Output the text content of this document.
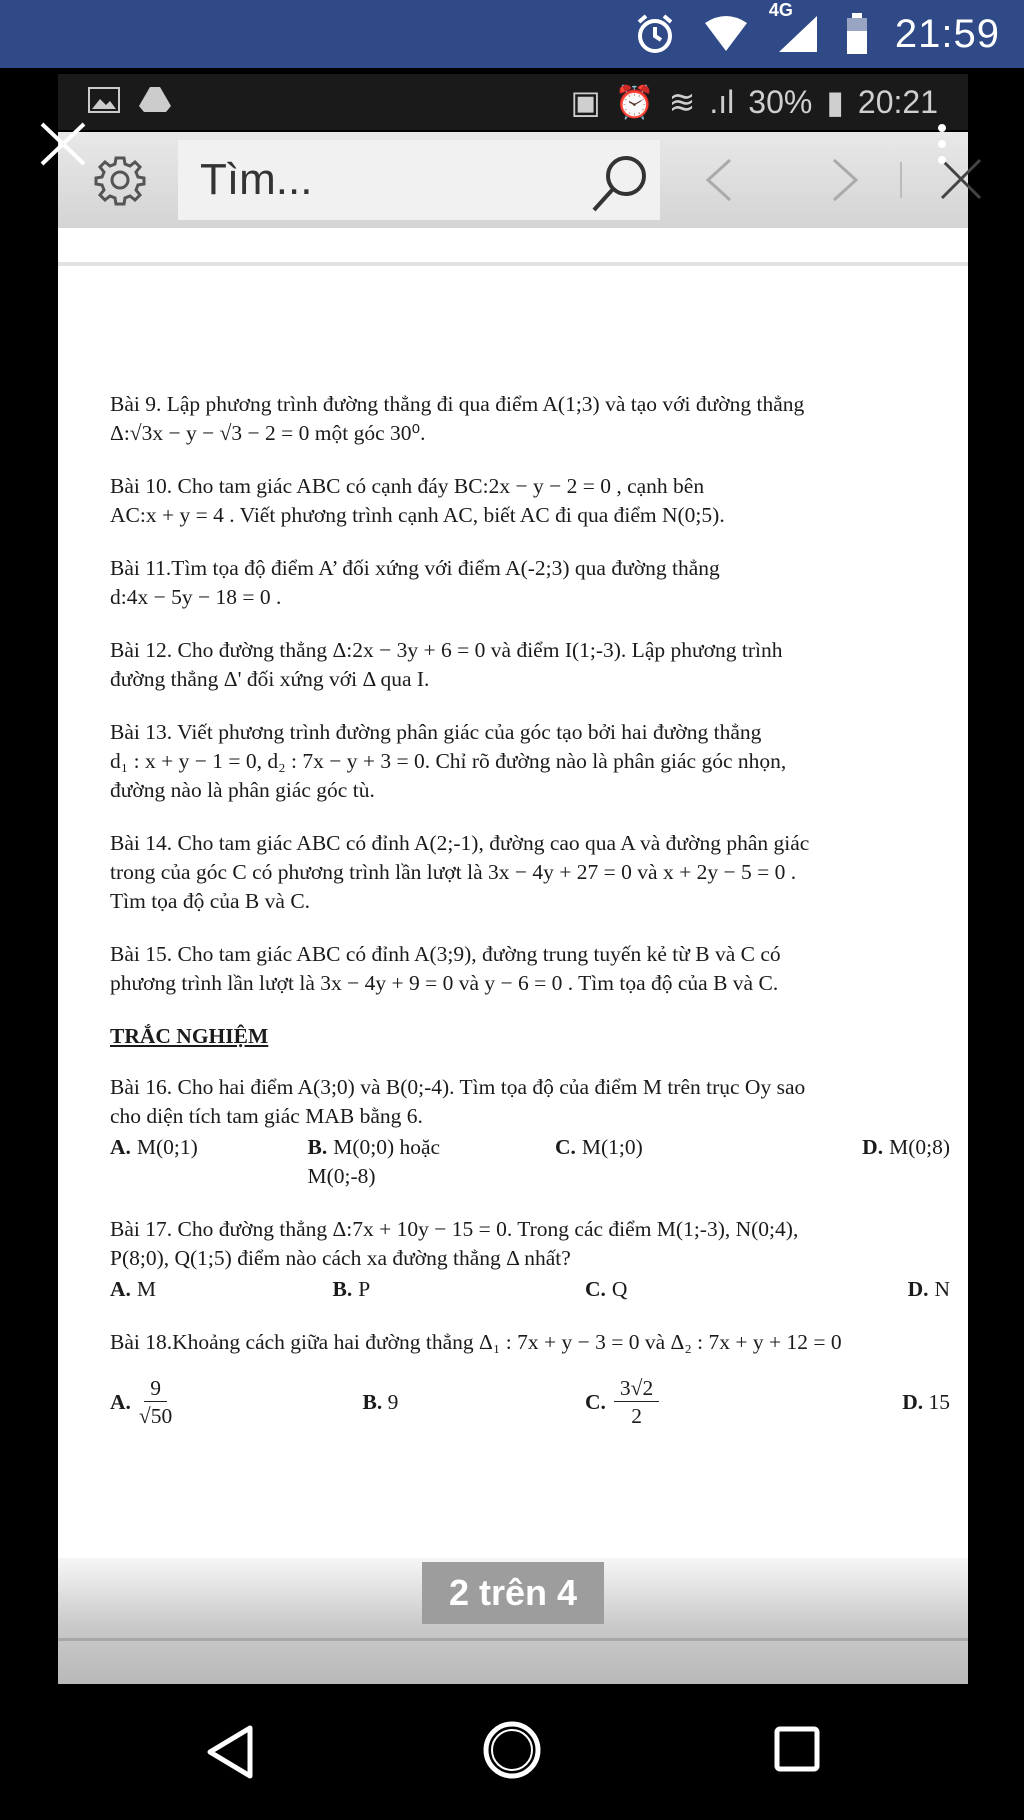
4G
21:59
▣ ⏰ ≋ .ıl 30% ▮ 20:21
Tìm...

Bài 9. Lập phương trình đường thẳng đi qua điểm A(1;3) và tạo với đường thẳng
Δ:√3x − y − √3 − 2 = 0 một góc 30⁰.

Bài 10. Cho tam giác ABC có cạnh đáy BC:2x − y − 2 = 0 , cạnh bên
AC:x + y = 4 . Viết phương trình cạnh AC, biết AC đi qua điểm N(0;5).

Bài 11.Tìm tọa độ điểm A’ đối xứng với điểm A(-2;3) qua đường thẳng
d:4x − 5y − 18 = 0 .

Bài 12. Cho đường thẳng Δ:2x − 3y + 6 = 0 và điểm I(1;-3). Lập phương trình
đường thẳng Δ' đối xứng với Δ qua I.

Bài 13. Viết phương trình đường phân giác của góc tạo bởi hai đường thẳng
d₁ : x + y − 1 = 0, d₂ : 7x − y + 3 = 0. Chỉ rõ đường nào là phân giác góc nhọn,
đường nào là phân giác góc tù.

Bài 14. Cho tam giác ABC có đỉnh A(2;-1), đường cao qua A và đường phân giác
trong của góc C có phương trình lần lượt là 3x − 4y + 27 = 0 và x + 2y − 5 = 0 .
Tìm tọa độ của B và C.

Bài 15. Cho tam giác ABC có đỉnh A(3;9), đường trung tuyến kẻ từ B và C có
phương trình lần lượt là 3x − 4y + 9 = 0 và y − 6 = 0 . Tìm tọa độ của B và C.

TRẮC NGHIỆM

Bài 16. Cho hai điểm A(3;0) và B(0;-4). Tìm tọa độ của điểm M trên trục Oy sao
cho diện tích tam giác MAB bằng 6.

A. M(0;1)	B. M(0;0) hoặc M(0;-8)
C. M(1;0)	D. M(0;8)

Bài 17. Cho đường thẳng Δ:7x + 10y − 15 = 0. Trong các điểm M(1;-3), N(0;4),
P(8;0), Q(1;5) điểm nào cách xa đường thẳng Δ nhất?

A. M	B. P	C. Q	D. N

Bài 18.Khoảng cách giữa hai đường thẳng Δ₁ : 7x + y − 3 = 0 và Δ₂ : 7x + y + 12 = 0

A. $\frac{9}{√50}$	B. 9	C. $\frac{3√2}{2}$	D. 15
2 trên 4
